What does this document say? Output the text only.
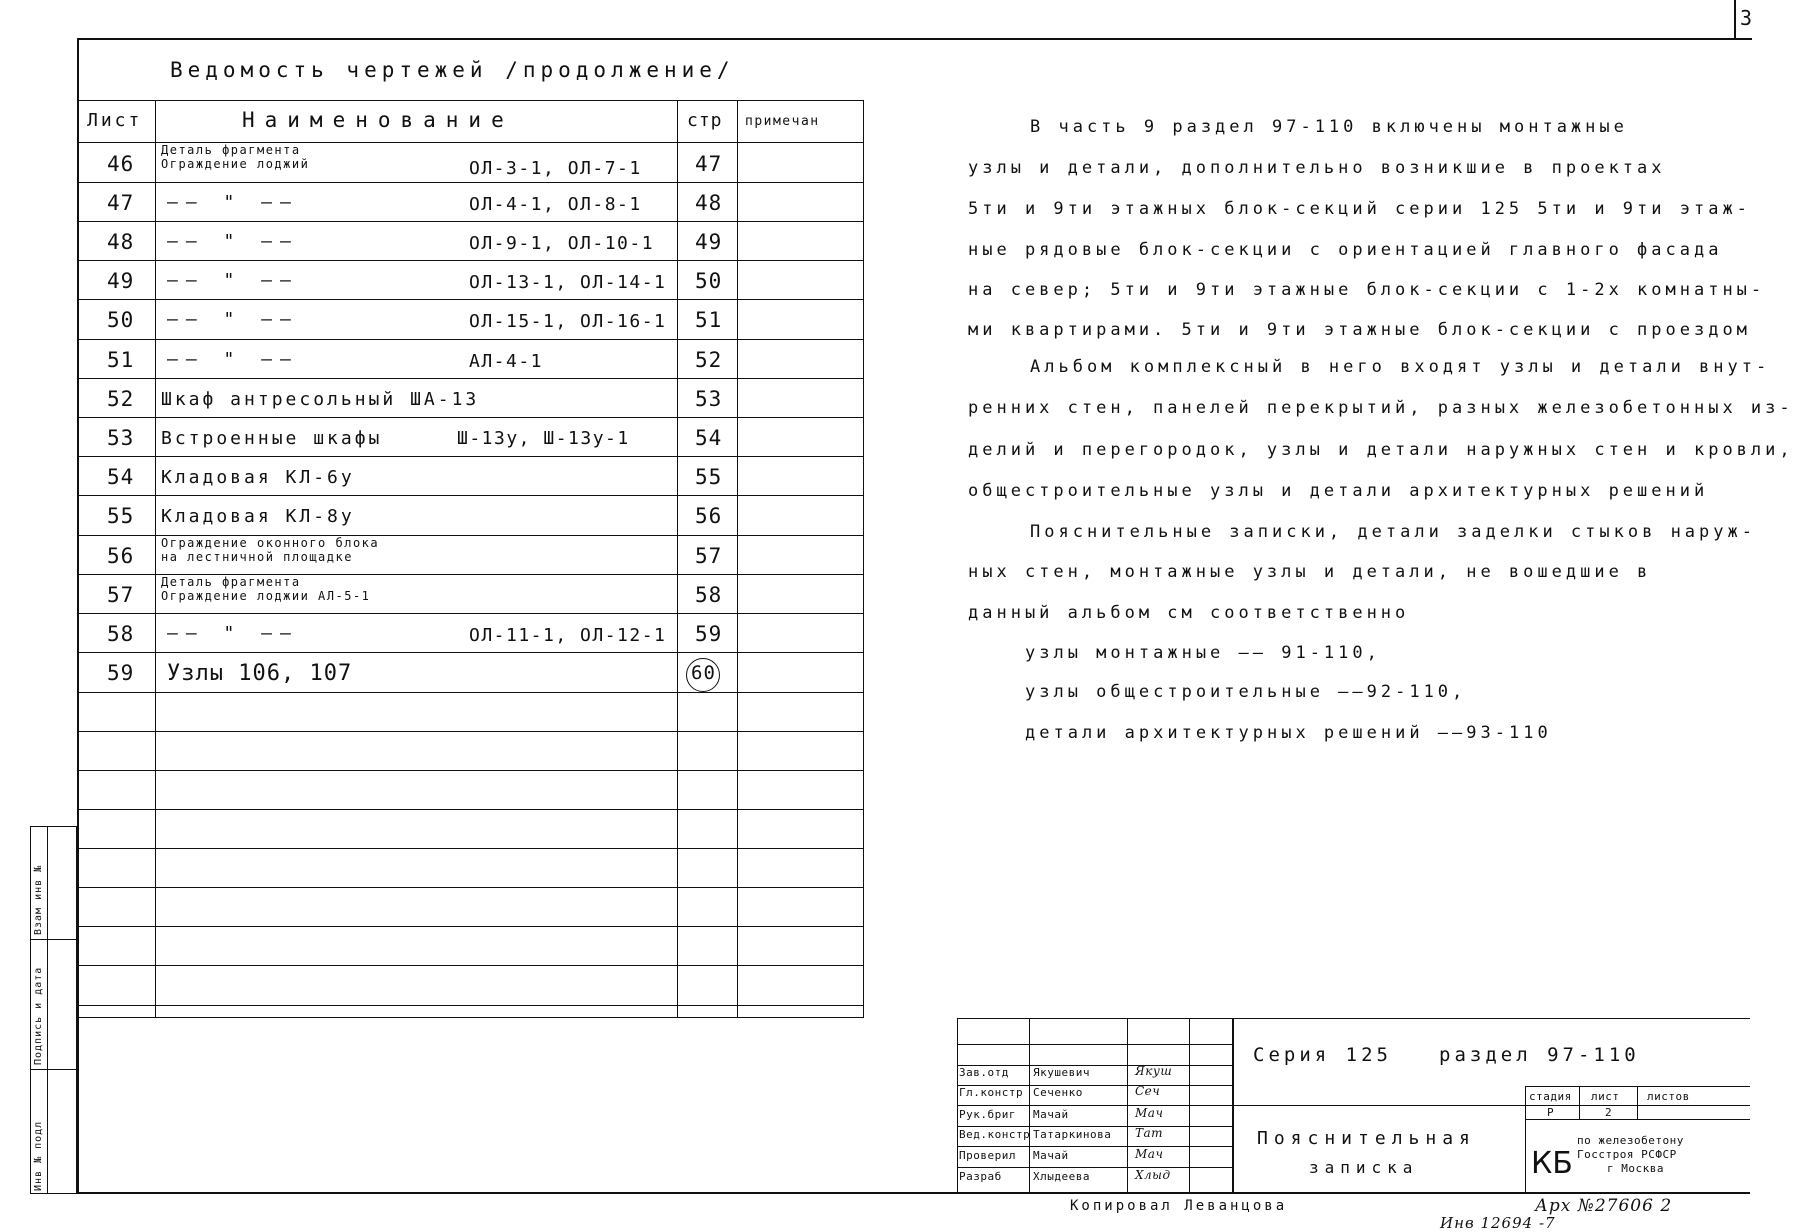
3
Инв № подл
Подпись и дата
Взам инв №
Ведомость чертежей /продолжение/
Лист	Наименование	стр примечан
46
Деталь фрагмента
Ограждение лоджий	ОЛ-3-1, ОЛ-7-1	47
47 —— " ——	ОЛ-4-1, ОЛ-8-1	48
48 —— " ——	ОЛ-9-1, ОЛ-10-1 49
49 —— " ——	ОЛ-13-1, ОЛ-14-1 50
50 —— " ——	ОЛ-15-1, ОЛ-16-1 51
51 —— " ——	АЛ-4-1	52
52 Шкаф антресольный ША-13	53
53 Встроенные шкафы	Ш-13у, Ш-13у-1	54
54 Кладовая КЛ-6у	55
55 Кладовая КЛ-8у	56
56
Ограждение оконного блока
на лестничной площадке	57
57
Деталь фрагмента
Ограждение лоджии АЛ-5-1	58
58 —— " ——	ОЛ-11-1, ОЛ-12-1 59
59 Узлы 106, 107	60

В часть 9 раздел 97-110 включены монтажные

узлы и детали, дополнительно возникшие в проектах

5ти и 9ти этажных блок-секций серии 125 5ти и 9ти этаж-

ные рядовые блок-секции с ориентацией главного фасада

на север; 5ти и 9ти этажные блок-секции с 1-2х комнатны-

ми квартирами. 5ти и 9ти этажные блок-секции с проездом

Альбом комплексный в него входят узлы и детали внут-

ренних стен, панелей перекрытий, разных железобетонных из-

делий и перегородок, узлы и детали наружных стен и кровли,

общестроительные узлы и детали архитектурных решений

Пояснительные записки, детали заделки стыков наруж-

ных стен, монтажные узлы и детали, не вошедшие в

данный альбом см соответственно

узлы монтажные —— 91-110,

узлы общестроительные ——92-110,

детали архитектурных решений ——93-110

Зав.отд Якушевич	Якуш
Гл.констр Сеченко	Сеч
Рук.бриг Мачай	Мач
Вед.констр Татаркинова Тат
Проверил Мачай	Мач
Разраб	Хлыдеева	Хлыд
Серия 125 раздел 97-110
Пояснительная
записка
стадия лист	листов
Р	2
КБ
по железобетону
Госстроя РСФСР
г Москва
Копировал Леванцова	Арх №27606 2
Инв 12694 -7
